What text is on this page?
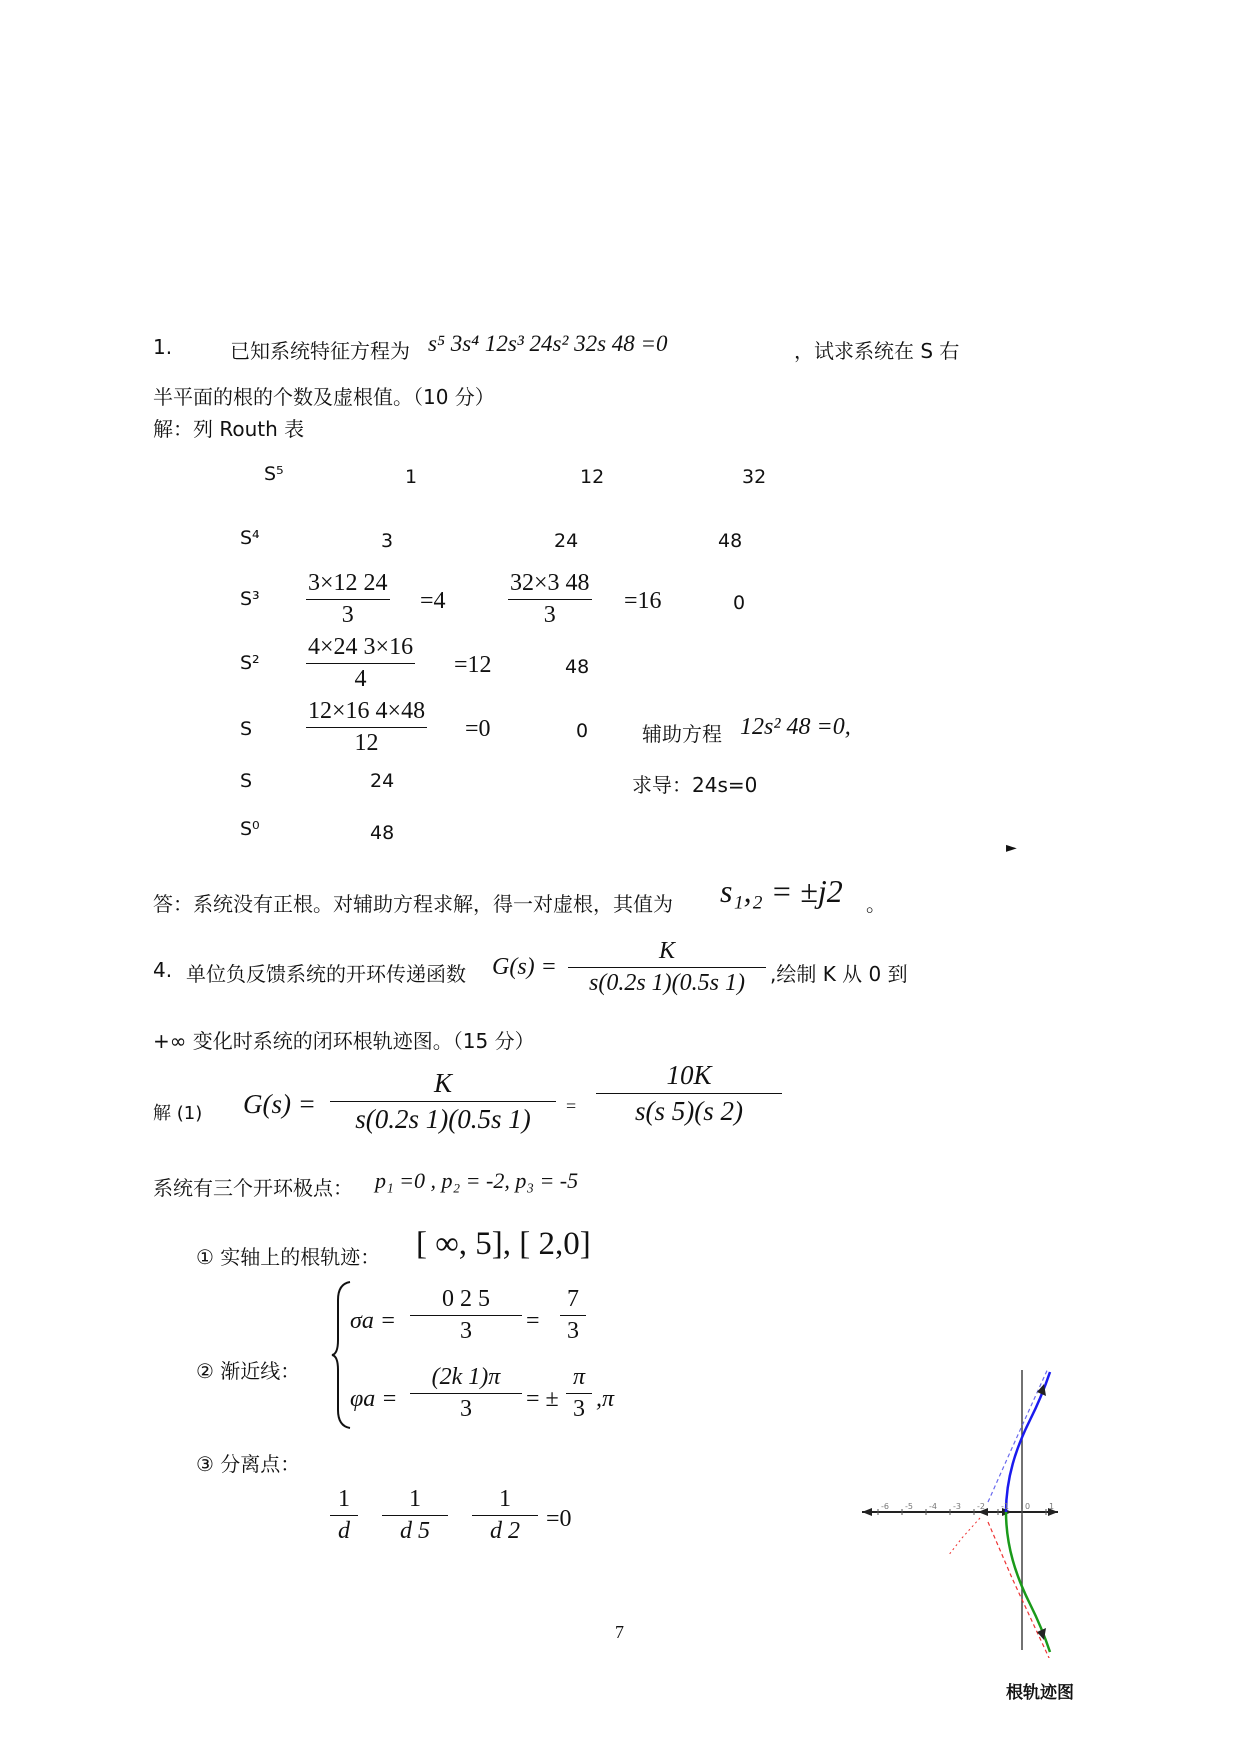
1.	已知系统特征方程为 s⁵ 3s⁴ 12s³ 24s² 32s 48 =0	，试求系统在 S 右
半平面的根的个数及虚根值。（10 分）
解：列 Routh 表
S⁵	1	12	32
S⁴	3	24	48
$S^3 \frac{3\times 12 24}{3} =4$	$\frac{32\times 3 48}{3} =16$	0
$S^2 \frac{4\times 24 3\times 16}{4} =12$	48
S $\frac{12\times 16 4\times 48}{12} =0$	0	辅助方程 12s² 48 =0,
S	24	求导：24s=0
S⁰	48
►
答：系统没有正根。对辅助方程求解，得一对虚根，其值为 s₁,₂ = ±j2 。
4. 单位负反馈系统的开环传递函数 $G(s) = \frac{K}{s(0.2s 1)(0.5s 1)}$ ,绘制 K 从 0 到
+∞ 变化时系统的闭环根轨迹图。（15 分）
解 (1) $G(s) = \frac{K}{s(0.2s 1)(0.5s 1)} = \frac{10K}{s(s 5)(s 2)}$
系统有三个开环极点： p₁ =0 , p₂ = -2, p₃ = -5
① 实轴上的根轨迹： [ ∞, 5], [ 2,0]
② 渐近线：
$\sigma a = \frac{0 2 5}{3} = \frac{7}{3}$
$\varphi a = \frac{(2k 1)\pi}{3}$ = ± $\frac{\pi}{3} ,\pi$
③ 分离点：
$\frac{1}{d} \frac{1}{d 5} \frac{1}{d 2} =0$
7
-6 -5 -4 -3 -2 -1 0 1
根轨迹图
